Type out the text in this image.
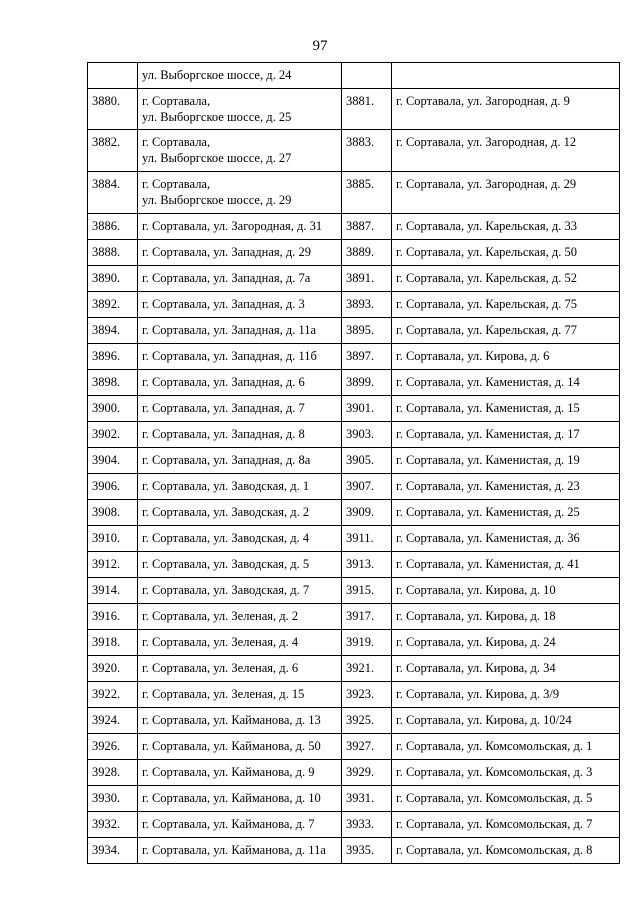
97
	ул. Выборгское шоссе, д. 24		
3880.	г. Сортавала,
ул. Выборгское шоссе, д. 25	3881.	г. Сортавала, ул. Загородная, д. 9
3882.	г. Сортавала,
ул. Выборгское шоссе, д. 27	3883.	г. Сортавала, ул. Загородная, д. 12
3884.	г. Сортавала,
ул. Выборгское шоссе, д. 29	3885.	г. Сортавала, ул. Загородная, д. 29
3886.	г. Сортавала, ул. Загородная, д. 31	3887.	г. Сортавала, ул. Карельская, д. 33
3888.	г. Сортавала, ул. Западная, д. 29	3889.	г. Сортавала, ул. Карельская, д. 50
3890.	г. Сортавала, ул. Западная, д. 7а	3891.	г. Сортавала, ул. Карельская, д. 52
3892.	г. Сортавала, ул. Западная, д. 3	3893.	г. Сортавала, ул. Карельская, д. 75
3894.	г. Сортавала, ул. Западная, д. 11а	3895.	г. Сортавала, ул. Карельская, д. 77
3896.	г. Сортавала, ул. Западная, д. 11б	3897.	г. Сортавала, ул. Кирова, д. 6
3898.	г. Сортавала, ул. Западная, д. 6	3899.	г. Сортавала, ул. Каменистая, д. 14
3900.	г. Сортавала, ул. Западная, д. 7	3901.	г. Сортавала, ул. Каменистая, д. 15
3902.	г. Сортавала, ул. Западная, д. 8	3903.	г. Сортавала, ул. Каменистая, д. 17
3904.	г. Сортавала, ул. Западная, д. 8а	3905.	г. Сортавала, ул. Каменистая, д. 19
3906.	г. Сортавала, ул. Заводская, д. 1	3907.	г. Сортавала, ул. Каменистая, д. 23
3908.	г. Сортавала, ул. Заводская, д. 2	3909.	г. Сортавала, ул. Каменистая, д. 25
3910.	г. Сортавала, ул. Заводская, д. 4	3911.	г. Сортавала, ул. Каменистая, д. 36
3912.	г. Сортавала, ул. Заводская, д. 5	3913.	г. Сортавала, ул. Каменистая, д. 41
3914.	г. Сортавала, ул. Заводская, д. 7	3915.	г. Сортавала, ул. Кирова, д. 10
3916.	г. Сортавала, ул. Зеленая, д. 2	3917.	г. Сортавала, ул. Кирова, д. 18
3918.	г. Сортавала, ул. Зеленая, д. 4	3919.	г. Сортавала, ул. Кирова, д. 24
3920.	г. Сортавала, ул. Зеленая, д. 6	3921.	г. Сортавала, ул. Кирова, д. 34
3922.	г. Сортавала, ул. Зеленая, д. 15	3923.	г. Сортавала, ул. Кирова, д. 3/9
3924.	г. Сортавала, ул. Кайманова, д. 13	3925.	г. Сортавала, ул. Кирова, д. 10/24
3926.	г. Сортавала, ул. Кайманова, д. 50	3927.	г. Сортавала, ул. Комсомольская, д. 1
3928.	г. Сортавала, ул. Кайманова, д. 9	3929.	г. Сортавала, ул. Комсомольская, д. 3
3930.	г. Сортавала, ул. Кайманова, д. 10	3931.	г. Сортавала, ул. Комсомольская, д. 5
3932.	г. Сортавала, ул. Кайманова, д. 7	3933.	г. Сортавала, ул. Комсомольская, д. 7
3934.	г. Сортавала, ул. Кайманова, д. 11а	3935.	г. Сортавала, ул. Комсомольская, д. 8
